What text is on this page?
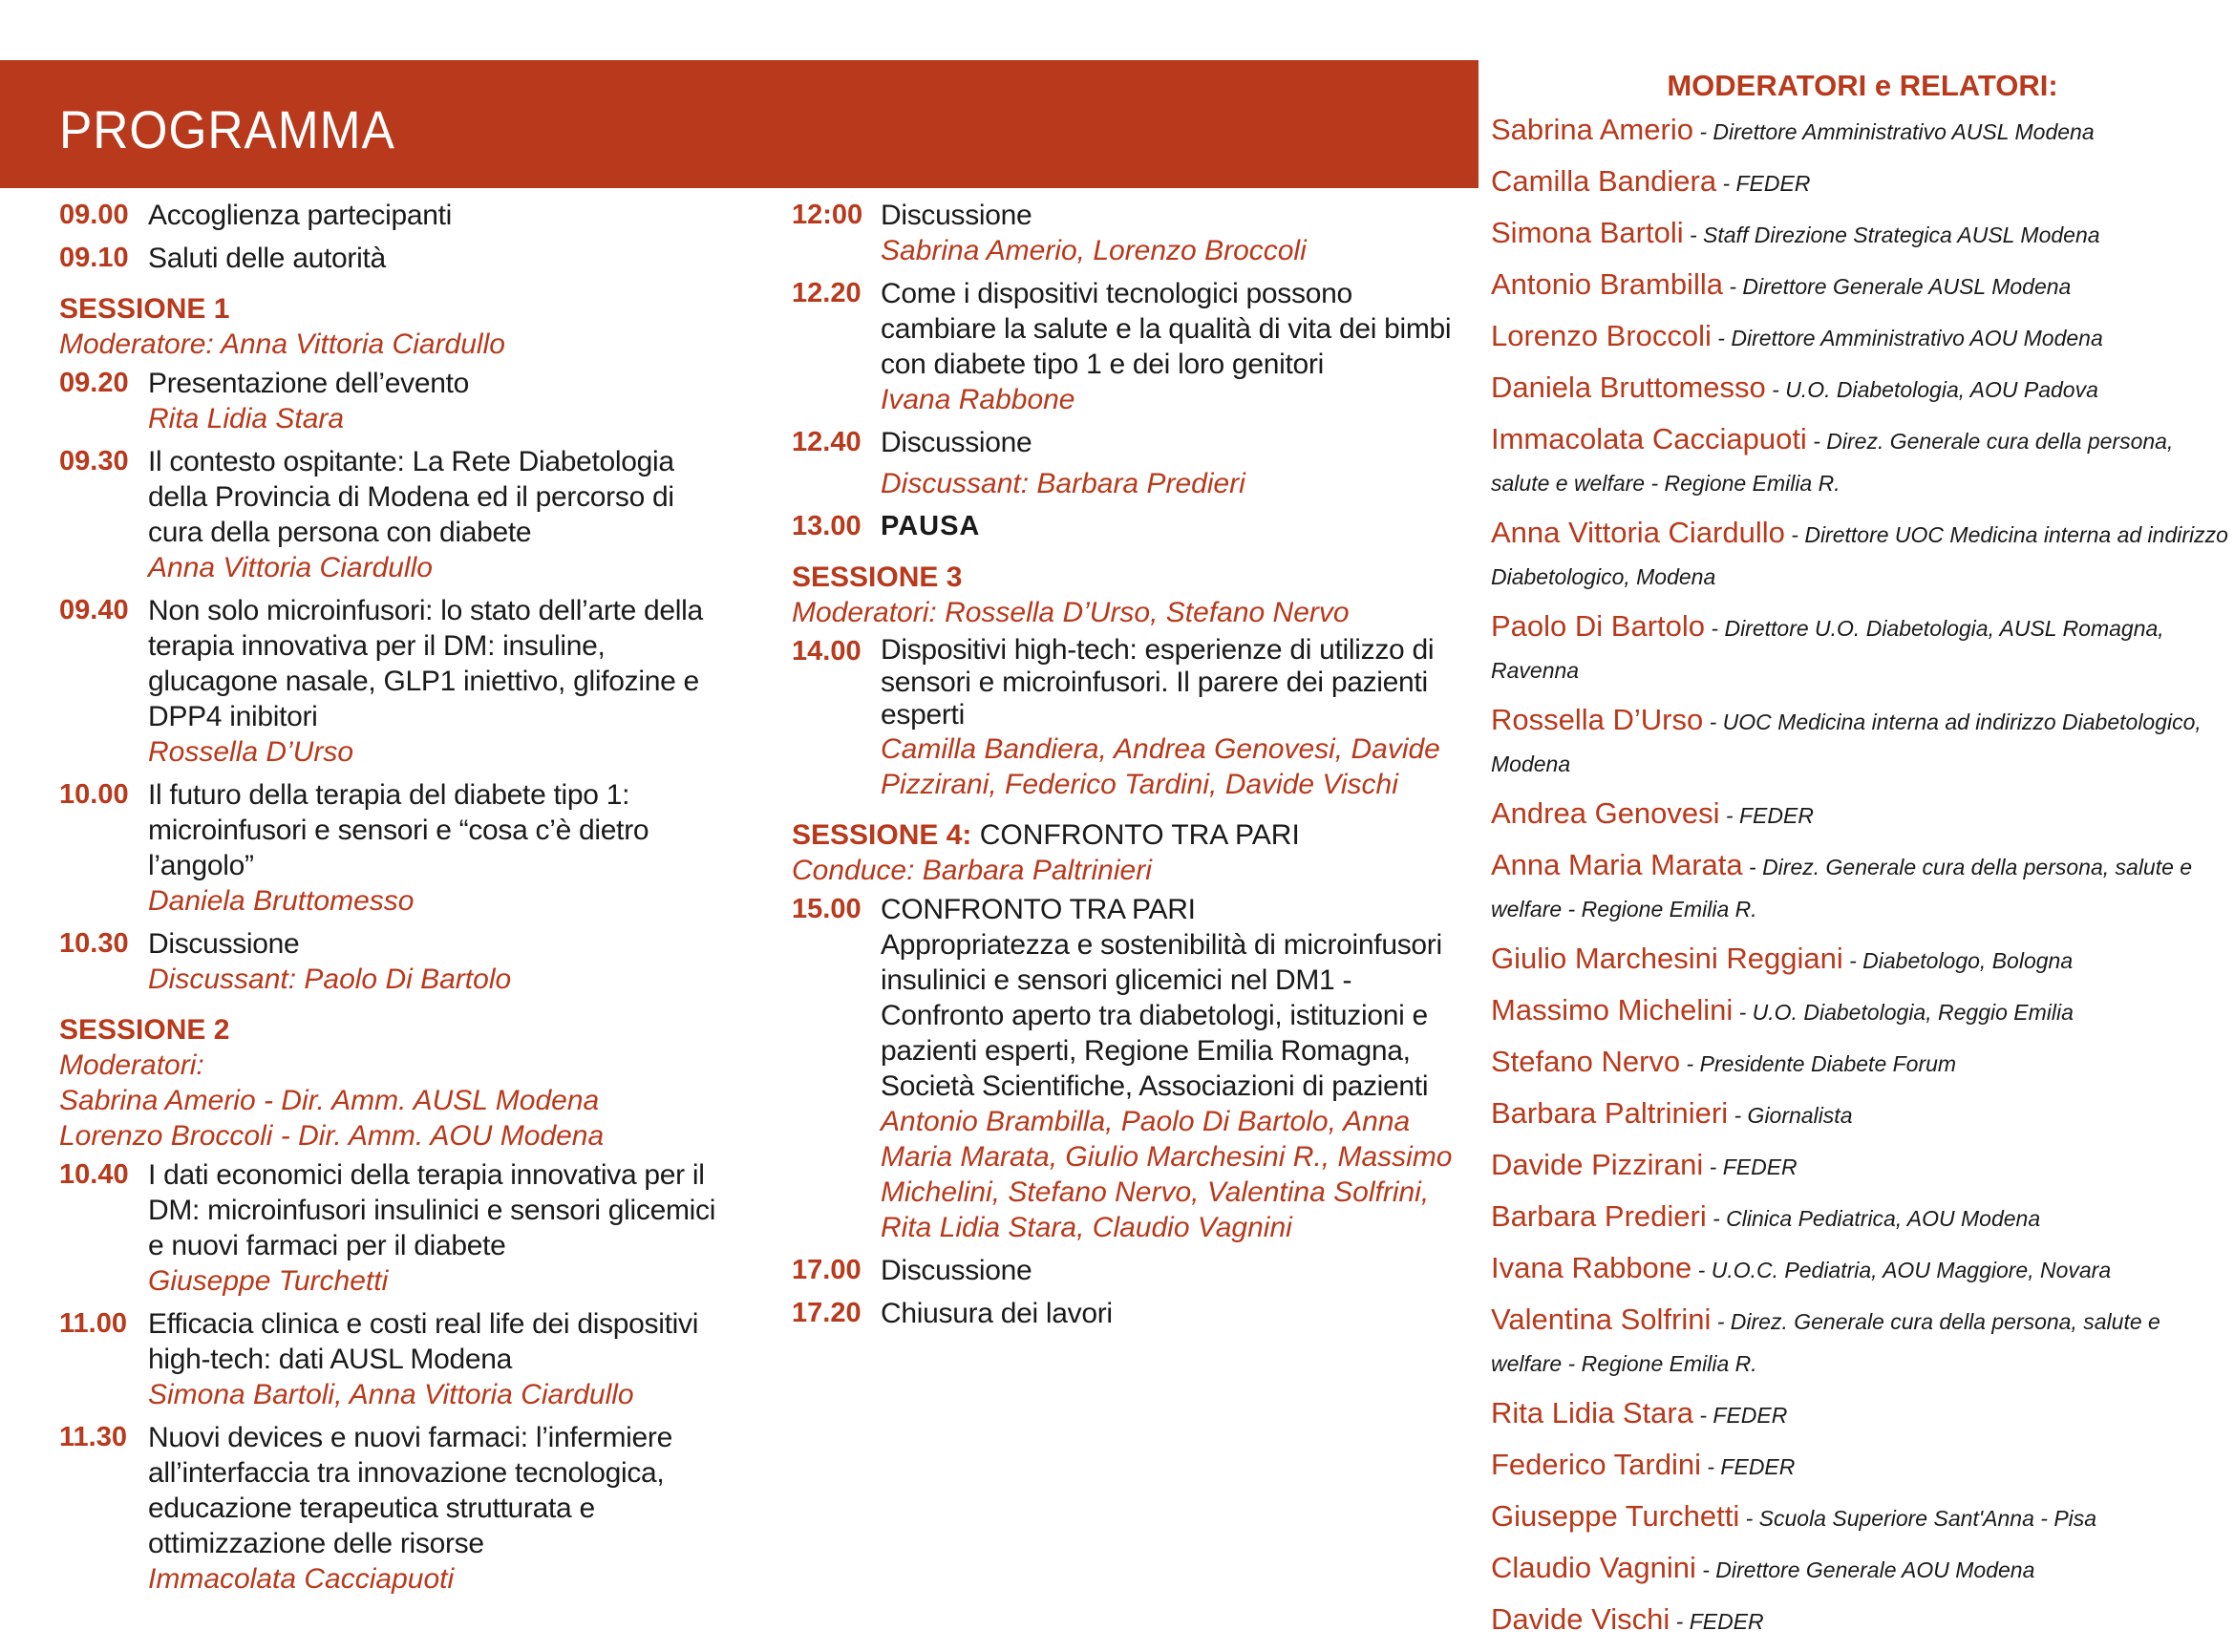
PROGRAMMA
09.00 Accoglienza partecipanti
09.10 Saluti delle autorità
SESSIONE 1
Moderatore: Anna Vittoria Ciardullo
09.20 Presentazione dell’evento
Rita Lidia Stara
09.30 Il contesto ospitante: La Rete Diabetologia della Provincia di Modena ed il percorso di cura della persona con diabete
Anna Vittoria Ciardullo
09.40 Non solo microinfusori: lo stato dell’arte della terapia innovativa per il DM: insuline, glucagone nasale, GLP1 iniettivo, glifozine e DPP4 inibitori
Rossella D’Urso
10.00 Il futuro della terapia del diabete tipo 1: microinfusori e sensori e “cosa c’è dietro l’angolo”
Daniela Bruttomesso
10.30 Discussione
Discussant: Paolo Di Bartolo
SESSIONE 2
Moderatori:
Sabrina Amerio - Dir. Amm. AUSL Modena
Lorenzo Broccoli - Dir. Amm. AOU Modena
10.40 I dati economici della terapia innovativa per il DM: microinfusori insulinici e sensori glicemici e nuovi farmaci per il diabete
Giuseppe Turchetti
11.00 Efficacia clinica e costi real life dei dispositivi high-tech: dati AUSL Modena
Simona Bartoli, Anna Vittoria Ciardullo
11.30 Nuovi devices e nuovi farmaci: l’infermiere all’interfaccia tra innovazione tecnologica, educazione terapeutica strutturata e ottimizzazione delle risorse
Immacolata Cacciapuoti
12:00 Discussione
Sabrina Amerio, Lorenzo Broccoli
12.20 Come i dispositivi tecnologici possono cambiare la salute e la qualità di vita dei bimbi con diabete tipo 1 e dei loro genitori
Ivana Rabbone
12.40 Discussione
Discussant: Barbara Predieri
13.00 PAUSA
SESSIONE 3
Moderatori: Rossella D’Urso, Stefano Nervo
14.00 Dispositivi high-tech: esperienze di utilizzo di sensori e microinfusori. Il parere dei pazienti esperti
Camilla Bandiera, Andrea Genovesi, Davide Pizzirani, Federico Tardini, Davide Vischi
SESSIONE 4: CONFRONTO TRA PARI
Conduce: Barbara Paltrinieri
15.00 CONFRONTO TRA PARI
Appropriatezza e sostenibilità di microinfusori insulinici e sensori glicemici nel DM1 - Confronto aperto tra diabetologi, istituzioni e pazienti esperti, Regione Emilia Romagna, Società Scientifiche, Associazioni di pazienti
Antonio Brambilla, Paolo Di Bartolo, Anna Maria Marata, Giulio Marchesini R., Massimo Michelini, Stefano Nervo, Valentina Solfrini, Rita Lidia Stara, Claudio Vagnini
17.00 Discussione
17.20 Chiusura dei lavori
MODERATORI e RELATORI:
Sabrina Amerio - Direttore Amministrativo AUSL Modena
Camilla Bandiera - FEDER
Simona Bartoli - Staff Direzione Strategica AUSL Modena
Antonio Brambilla - Direttore Generale AUSL Modena
Lorenzo Broccoli - Direttore Amministrativo AOU Modena
Daniela Bruttomesso - U.O. Diabetologia, AOU Padova
Immacolata Cacciapuoti - Direz. Generale cura della persona, salute e welfare - Regione Emilia R.
Anna Vittoria Ciardullo - Direttore UOC Medicina interna ad indirizzo Diabetologico, Modena
Paolo Di Bartolo - Direttore U.O. Diabetologia, AUSL Romagna, Ravenna
Rossella D’Urso - UOC Medicina interna ad indirizzo Diabetologico, Modena
Andrea Genovesi - FEDER
Anna Maria Marata - Direz. Generale cura della persona, salute e welfare - Regione Emilia R.
Giulio Marchesini Reggiani - Diabetologo, Bologna
Massimo Michelini - U.O. Diabetologia, Reggio Emilia
Stefano Nervo - Presidente Diabete Forum
Barbara Paltrinieri - Giornalista
Davide Pizzirani - FEDER
Barbara Predieri - Clinica Pediatrica, AOU Modena
Ivana Rabbone - U.O.C. Pediatria, AOU Maggiore, Novara
Valentina Solfrini - Direz. Generale cura della persona, salute e welfare - Regione Emilia R.
Rita Lidia Stara - FEDER
Federico Tardini - FEDER
Giuseppe Turchetti - Scuola Superiore Sant'Anna - Pisa
Claudio Vagnini - Direttore Generale AOU Modena
Davide Vischi - FEDER
